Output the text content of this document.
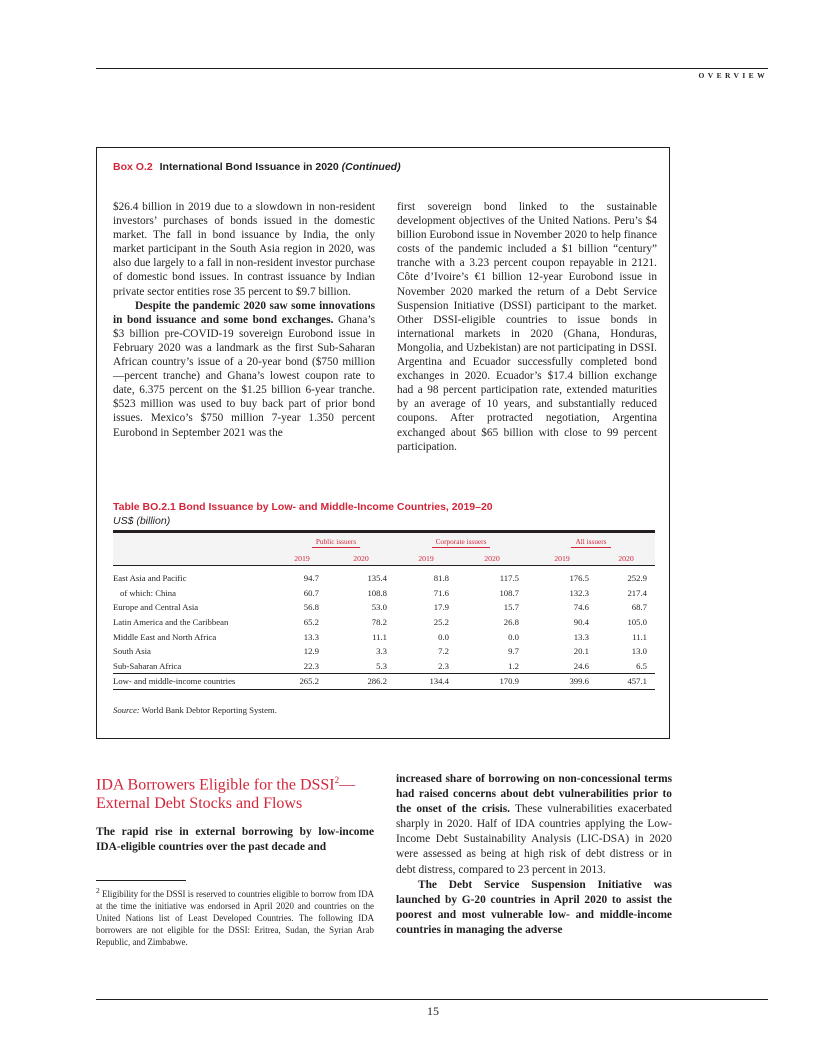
OVERVIEW
Box O.2 International Bond Issuance in 2020 (Continued)

$26.4 billion in 2019 due to a slowdown in non-resident investors’ purchases of bonds issued in the domestic market. The fall in bond issuance by India, the only market participant in the South Asia region in 2020, was also due largely to a fall in non-resident investor purchase of domestic bond issues. In contrast issuance by Indian private sector entities rose 35 percent to $9.7 billion.

Despite the pandemic 2020 saw some innovations in bond issuance and some bond exchanges. Ghana’s $3 billion pre-COVID-19 sovereign Eurobond issue in February 2020 was a landmark as the first Sub-Saharan African country’s issue of a 20-year bond ($750 million—percent tranche) and Ghana’s lowest coupon rate to date, 6.375 percent on the $1.25 billion 6-year tranche. $523 million was used to buy back part of prior bond issues. Mexico’s $750 million 7-year 1.350 percent Eurobond in September 2021 was the

first sovereign bond linked to the sustainable development objectives of the United Nations. Peru’s $4 billion Eurobond issue in November 2020 to help finance costs of the pandemic included a $1 billion “century” tranche with a 3.23 percent coupon repayable in 2121. Côte d’Ivoire’s €1 billion 12-year Eurobond issue in November 2020 marked the return of a Debt Service Suspension Initiative (DSSI) participant to the market. Other DSSI-eligible countries to issue bonds in international markets in 2020 (Ghana, Honduras, Mongolia, and Uzbekistan) are not participating in DSSI. Argentina and Ecuador successfully completed bond exchanges in 2020. Ecuador’s $17.4 billion exchange had a 98 percent participation rate, extended maturities by an average of 10 years, and substantially reduced coupons. After protracted negotiation, Argentina exchanged about $65 billion with close to 99 percent participation.

Table BO.2.1 Bond Issuance by Low- and Middle-Income Countries, 2019–20
US$ (billion)
	Public issuers		Corporate issuers		All issuers	
	2019	2020	2019	2020	2019	2020

East Asia and Pacific	94.7	135.4	81.8	117.5	176.5	252.9
of which: China	60.7	108.8	71.6	108.7	132.3	217.4
Europe and Central Asia	56.8	53.0	17.9	15.7	74.6	68.7
Latin America and the Caribbean	65.2	78.2	25.2	26.8	90.4	105.0
Middle East and North Africa	13.3	11.1	0.0	0.0	13.3	11.1
South Asia	12.9	3.3	7.2	9.7	20.1	13.0
Sub-Saharan Africa	22.3	5.3	2.3	1.2	24.6	6.5
Low- and middle-income countries	265.2	286.2	134.4	170.9	399.6	457.1
Source: World Bank Debtor Reporting System.
IDA Borrowers Eligible for the DSSI$^2$—External Debt Stocks and Flows

The rapid rise in external borrowing by low-income IDA-eligible countries over the past decade and

$^2$ Eligibility for the DSSI is reserved to countries eligible to borrow from IDA at the time the initiative was endorsed in April 2020 and countries on the United Nations list of Least Developed Countries. The following IDA borrowers are not eligible for the DSSI: Eritrea, Sudan, the Syrian Arab Republic, and Zimbabwe.

increased share of borrowing on non-concessional terms had raised concerns about debt vulnerabilities prior to the onset of the crisis. These vulnerabilities exacerbated sharply in 2020. Half of IDA countries applying the Low-Income Debt Sustainability Analysis (LIC-DSA) in 2020 were assessed as being at high risk of debt distress or in debt distress, compared to 23 percent in 2013.

The Debt Service Suspension Initiative was launched by G-20 countries in April 2020 to assist the poorest and most vulnerable low- and middle-income countries in managing the adverse

15
